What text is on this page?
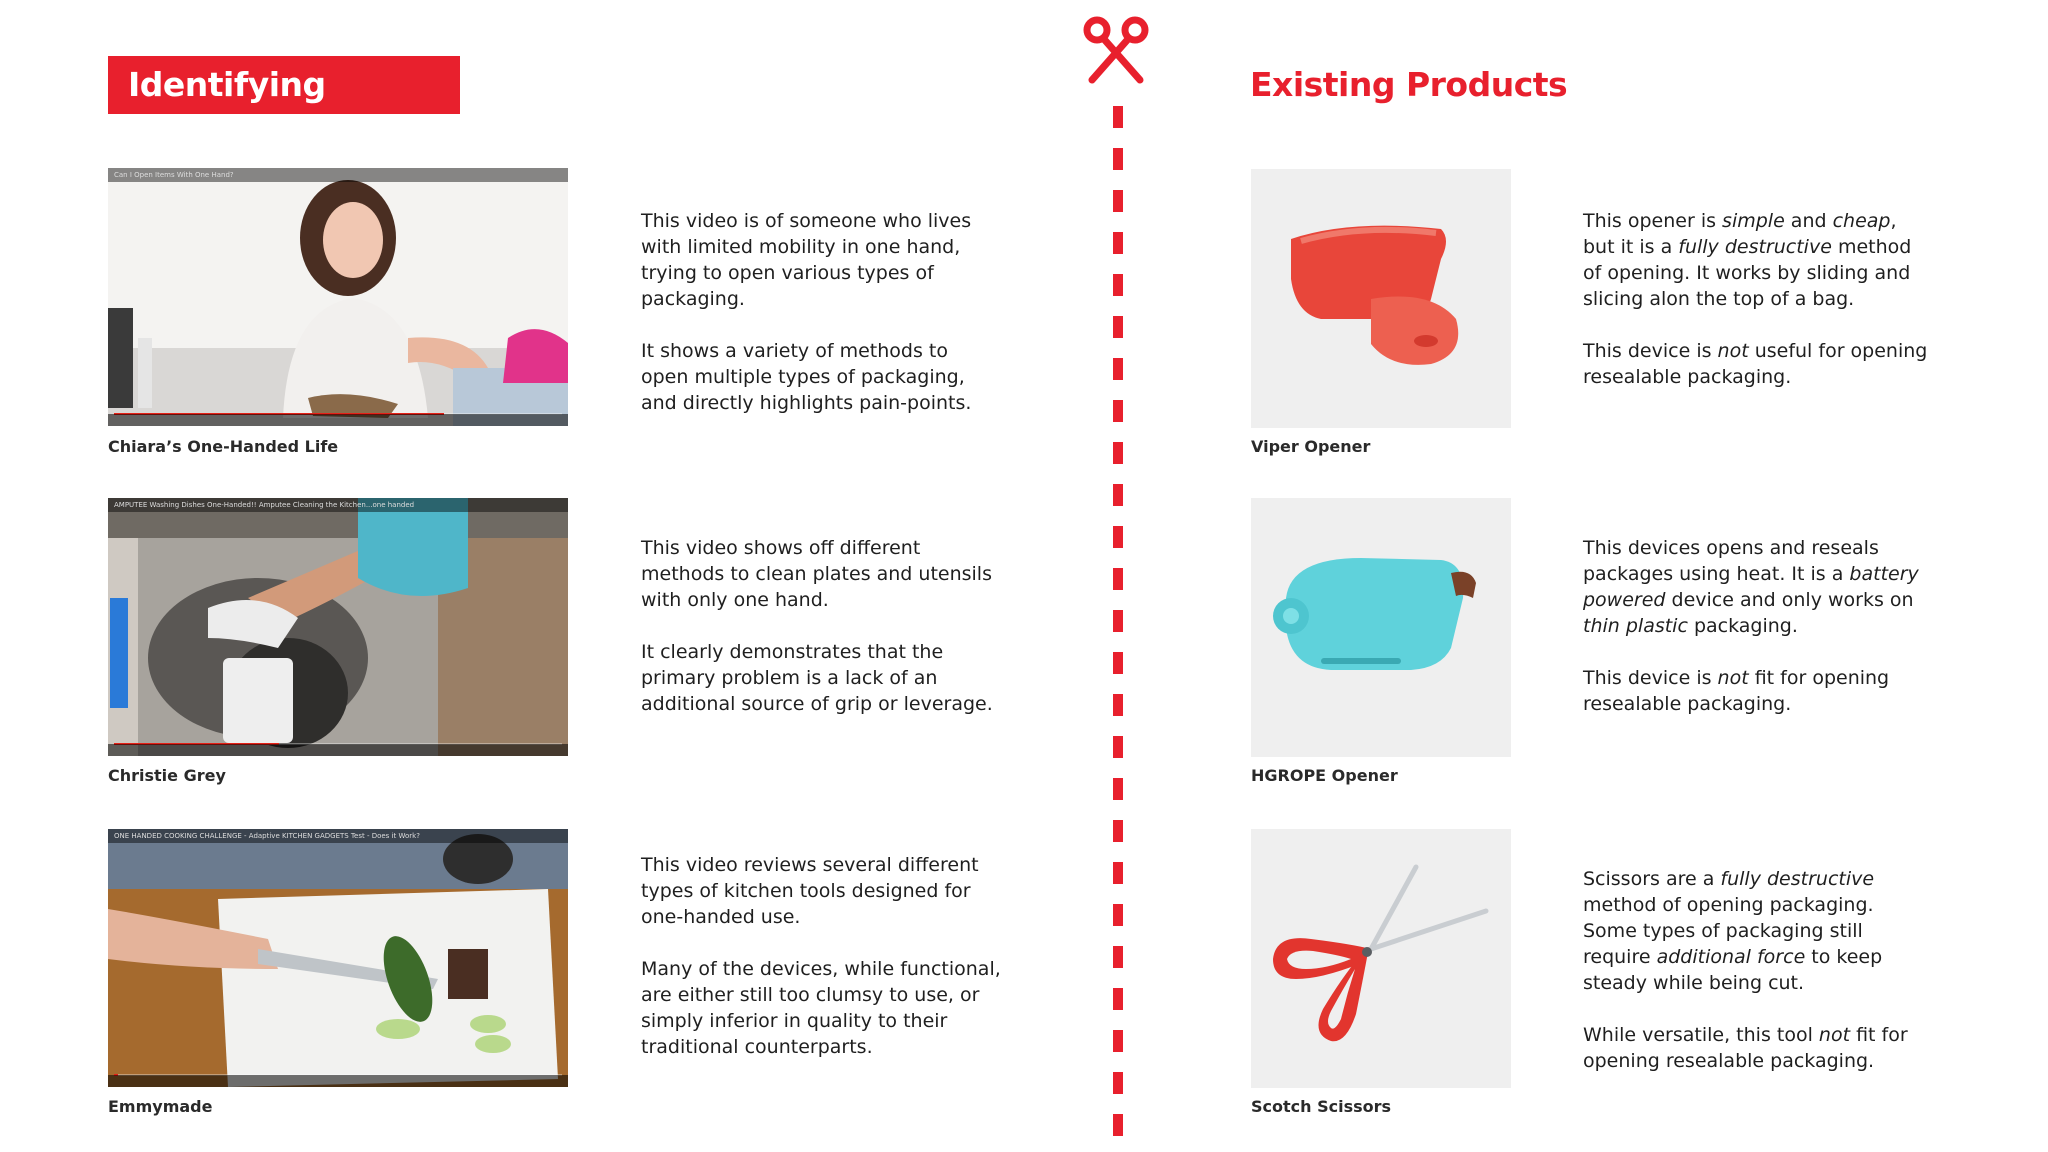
Identifying Problems
Existing Products
Can I Open Items With One Hand?
Chiara’s One-Handed Life

This video is of someone who lives with limited mobility in one hand, trying to open various types of packaging.

It shows a variety of methods to open multiple types of packaging, and directly highlights pain-points.

AMPUTEE Washing Dishes One-Handed!! Amputee Cleaning the Kitchen...one handed
Christie Grey

This video shows off different methods to clean plates and utensils with only one hand.

It clearly demonstrates that the primary problem is a lack of an additional source of grip or leverage.

ONE HANDED COOKING CHALLENGE - Adaptive KITCHEN GADGETS Test - Does it Work?
Emmymade

This video reviews several different types of kitchen tools designed for one-handed use.

Many of the devices, while functional, are either still too clumsy to use, or simply inferior in quality to their traditional counterparts.

Viper Opener

This opener is simple and cheap, but it is a fully destructive method of opening. It works by sliding and slicing alon the top of a bag.

This device is not useful for opening resealable packaging.

HGROPE Opener

This devices opens and reseals packages using heat. It is a battery powered device and only works on thin plastic packaging.

This device is not fit for opening resealable packaging.

Scotch Scissors

Scissors are a fully destructive method of opening packaging. Some types of packaging still require additional force to keep steady while being cut.

While versatile, this tool not fit for opening resealable packaging.
